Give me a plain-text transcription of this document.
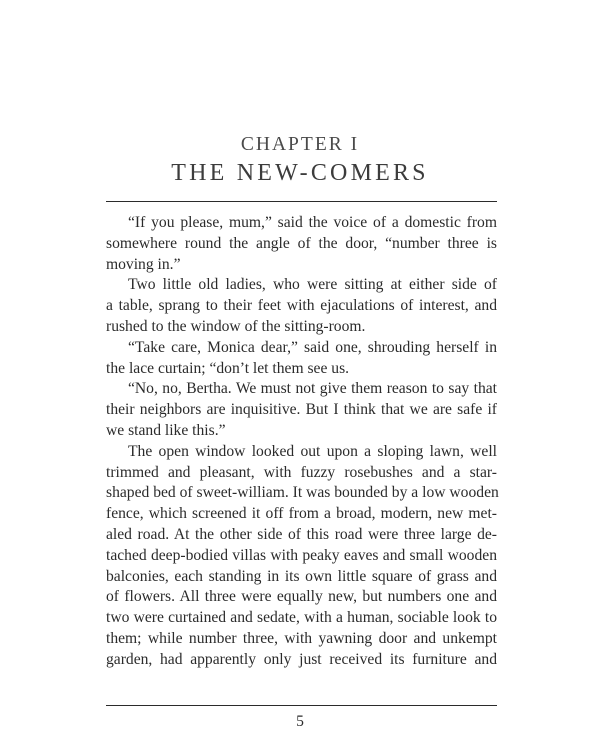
CHAPTER I
THE NEW-COMERS
“If you please, mum,” said the voice of a domestic from
somewhere round the angle of the door, “number three is
moving in.”
Two little old ladies, who were sitting at either side of
a table, sprang to their feet with ejaculations of interest, and
rushed to the window of the sitting-room.
“Take care, Monica dear,” said one, shrouding herself in
the lace curtain; “don’t let them see us.
“No, no, Bertha. We must not give them reason to say that
their neighbors are inquisitive. But I think that we are safe if
we stand like this.”
The open window looked out upon a sloping lawn, well
trimmed and pleasant, with fuzzy rosebushes and a star-
shaped bed of sweet-william. It was bounded by a low wooden
fence, which screened it off from a broad, modern, new met-
aled road. At the other side of this road were three large de-
tached deep-bodied villas with peaky eaves and small wooden
balconies, each standing in its own little square of grass and
of flowers. All three were equally new, but numbers one and
two were curtained and sedate, with a human, sociable look to
them; while number three, with yawning door and unkempt
garden, had apparently only just received its furniture and
5
